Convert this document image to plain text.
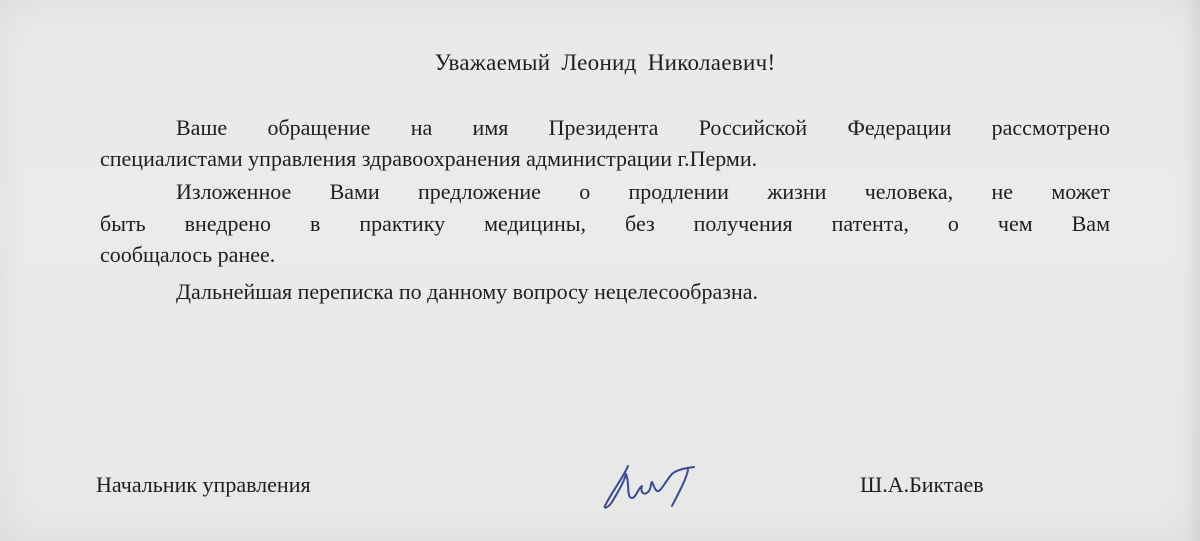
Уважаемый Леонид Николаевич!
Ваше обращение на имя Президента Российской Федерации рассмотрено
специалистами управления здравоохранения администрации г.Перми.
Изложенное Вами предложение о продлении жизни человека, не может
быть внедрено в практику медицины, без получения патента, о чем Вам
сообщалось ранее.
Дальнейшая переписка по данному вопросу нецелесообразна.
Начальник управления	Ш.А.Биктаев
